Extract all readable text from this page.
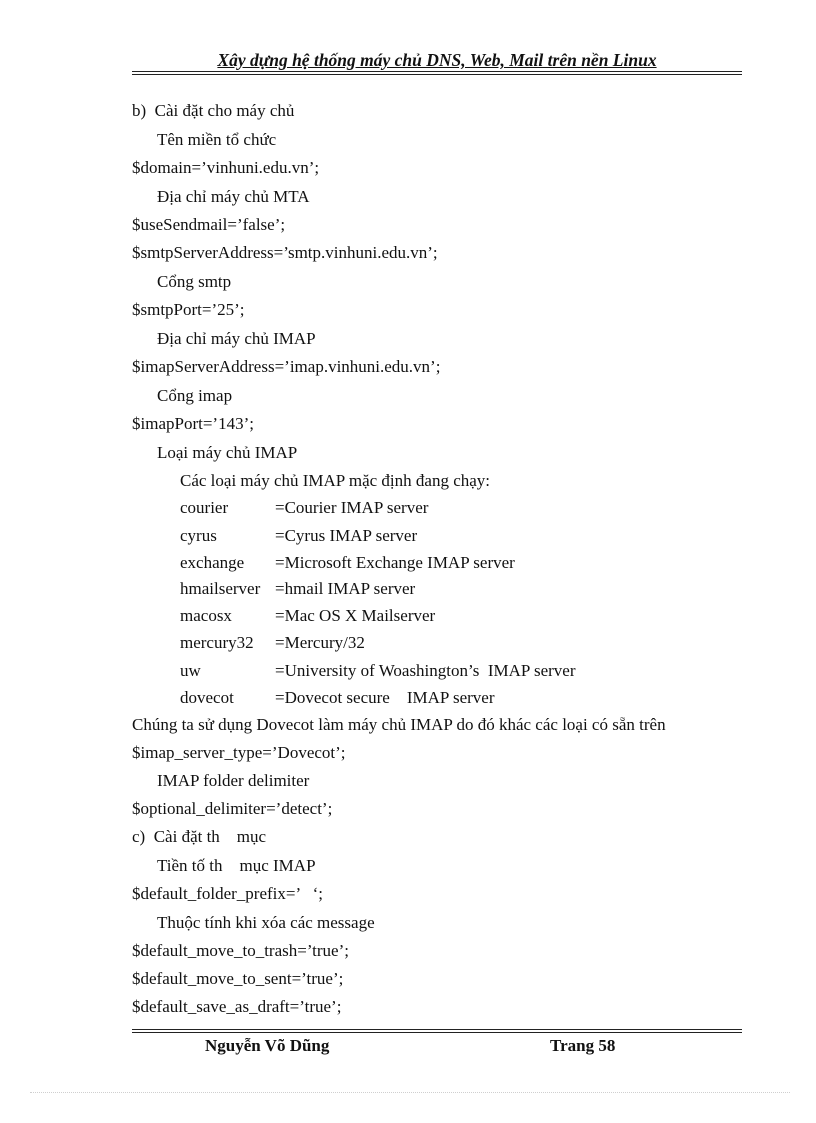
Xây dựng hệ thống máy chủ DNS, Web, Mail trên nền Linux
b)  Cài đặt cho máy chủ
Tên miền tổ chức
$domain=’vinhuni.edu.vn’;
Địa chỉ máy chủ MTA
$useSendmail=’false’;
$smtpServerAddress=’smtp.vinhuni.edu.vn’;
Cổng smtp
$smtpPort=’25’;
Địa chỉ máy chủ IMAP
$imapServerAddress=’imap.vinhuni.edu.vn’;
Cổng imap
$imapPort=’143’;
Loại máy chủ IMAP
Các loại máy chủ IMAP mặc định đang chạy:
courier	=Courier IMAP server
cyrus	=Cyrus IMAP server
exchange =Microsoft Exchange IMAP server
hmailserver =hmail IMAP server
macosx	=Mac OS X Mailserver
mercury32 =Mercury/32
uw	=University of Woashington’s  IMAP server
dovecot =Dovecot secure    IMAP server
Chúng ta sử dụng Dovecot làm máy chủ IMAP do đó khác các loại có sẵn trên
$imap_server_type=’Dovecot’;
IMAP folder delimiter
$optional_delimiter=’detect’;
c)  Cài đặt th    mục
Tiền tố th    mục IMAP
$default_folder_prefix=’   ‘;
Thuộc tính khi xóa các message
$default_move_to_trash=’true’;
$default_move_to_sent=’true’;
$default_save_as_draft=’true’;
Nguyễn Võ Dũng	Trang 58
